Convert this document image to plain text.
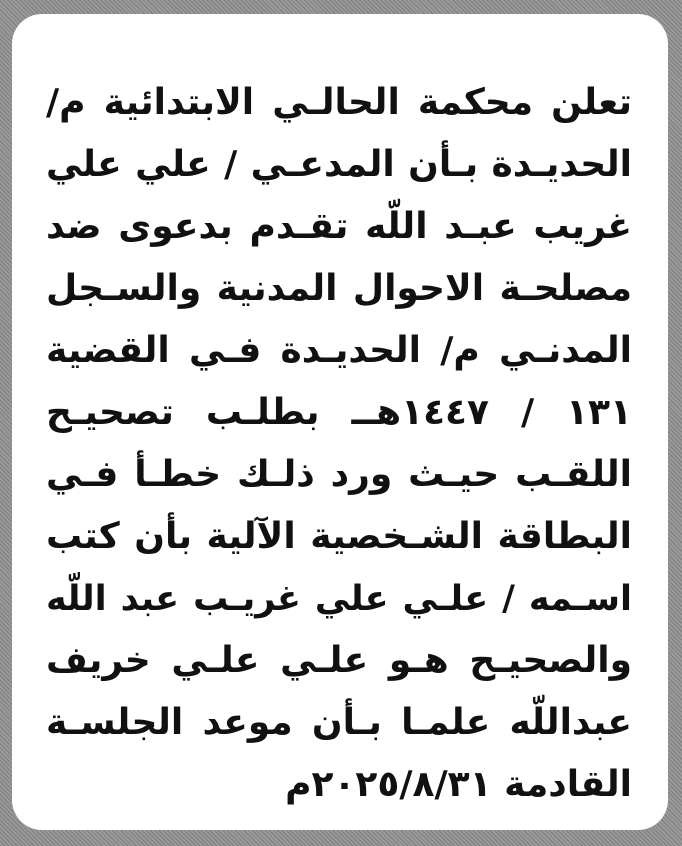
تعلن محكمة الحالـي الابتدائية م/
الحديـدة بـأن المدعـي / علي علي
غريب عبـد اللّه تقـدم بدعوى ضد
مصلحـة الاحوال المدنية والسـجل
المدنـي م/ الحديـدة فـي القضية
١٣١ / ١٤٤٧هــ بطلـب تصحيـح
اللقـب حيـث ورد ذلـك خطـأ فـي
البطاقة الشـخصية الآلية بأن كتب
اسـمه / علـي علي غريـب عبد اللّه
والصحيـح هـو علـي علـي خريف
عبداللّه علمـا بـأن موعد الجلسـة
القادمة ٢٠٢٥/٨/٣١م
